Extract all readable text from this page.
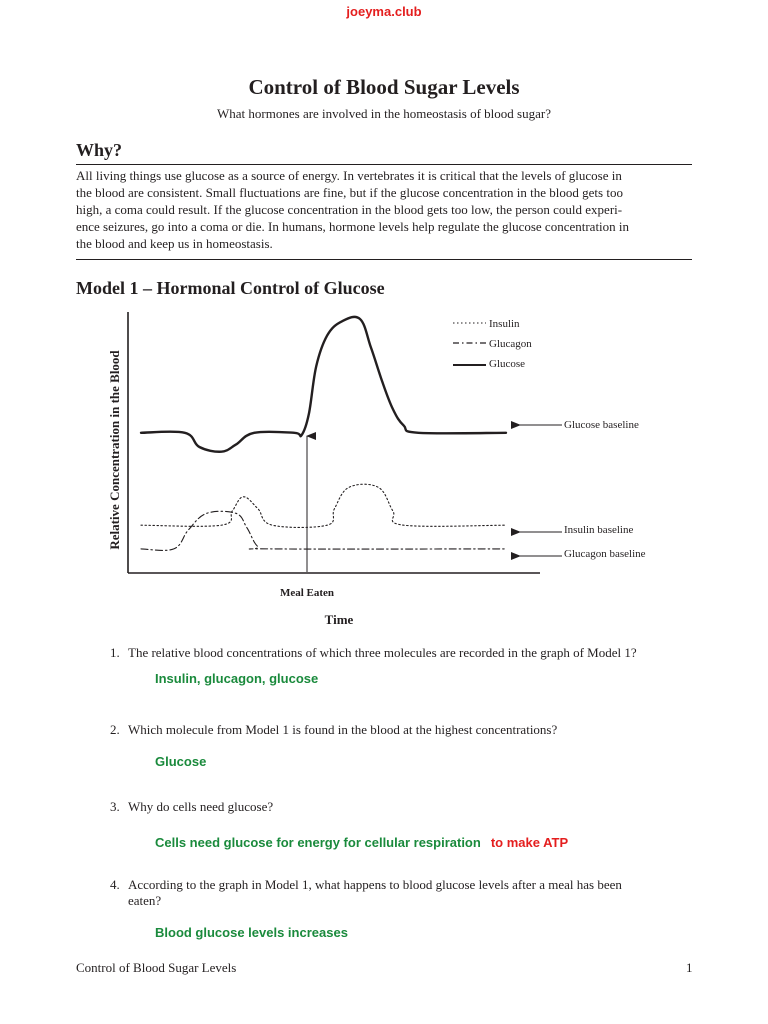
joeyma.club
Control of Blood Sugar Levels
What hormones are involved in the homeostasis of blood sugar?
Why?
All living things use glucose as a source of energy. In vertebrates it is critical that the levels of glucose in
the blood are consistent. Small fluctuations are fine, but if the glucose concentration in the blood gets too
high, a coma could result. If the glucose concentration in the blood gets too low, the person could experi-
ence seizures, go into a coma or die. In humans, hormone levels help regulate the glucose concentration in
the blood and keep us in homeostasis.
Model 1 – Hormonal Control of Glucose
Relative Concentration in the Blood
Time
Insulin
Glucagon
Glucose
Glucose baseline
Insulin baseline
Glucagon baseline
Meal Eaten
1. The relative blood concentrations of which three molecules are recorded in the graph of Model 1?
Insulin, glucagon, glucose
2. Which molecule from Model 1 is found in the blood at the highest concentrations?
Glucose
3. Why do cells need glucose?
Cells need glucose for energy for cellular respiration to make ATP
4. According to the graph in Model 1, what happens to blood glucose levels after a meal has been
eaten?
Blood glucose levels increases
Control of Blood Sugar Levels	1
